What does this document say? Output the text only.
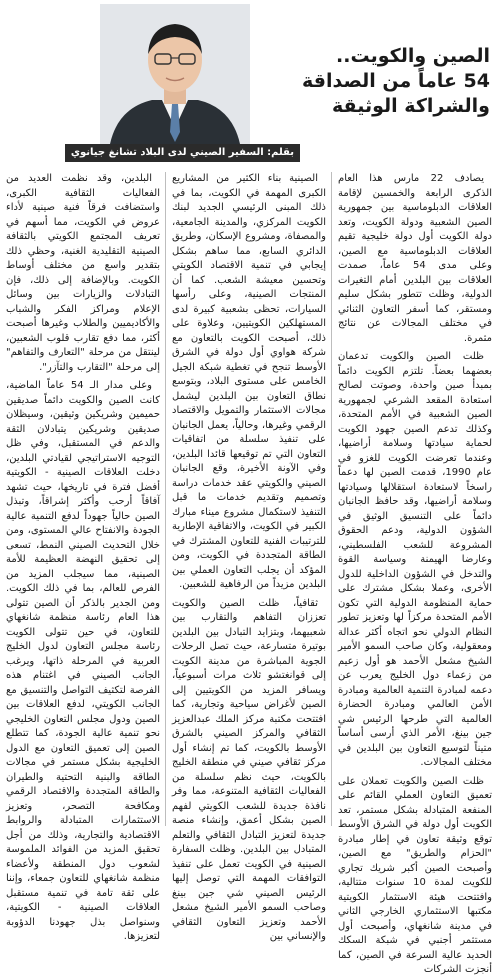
الصين والكويت..
54 عاماً من الصداقة
والشراكة الوثيقة
بقلم: السفير الصيني لدى البلاد تشانغ جيانوي

يصادف 22 مارس هذا العام الذكرى الرابعة والخمسين لإقامة العلاقات الدبلوماسية بين جمهورية الصين الشعبية ودولة الكويت، وتعد دولة الكويت أول دولة خليجية تقيم العلاقات الدبلوماسية مع الصين، وعلى مدى 54 عاماً، صمدت العلاقات بين البلدين أمام التغيرات الدولية، وظلت تتطور بشكل سليم ومستقر، كما أسفر التعاون الثنائي في مختلف المجالات عن نتائج مثمرة.

ظلت الصين والكويت تدعمان بعضهما بعضاً. تلتزم الكويت دائماً بمبدأ صين واحدة، وصوتت لصالح استعادة المقعد الشرعي لجمهورية الصين الشعبية في الأمم المتحدة، وكذلك تدعم الصين جهود الكويت لحماية سيادتها وسلامة أراضيها، وعندما تعرضت الكويت للغزو في عام 1990، قدمت الصين لها دعماً راسخاً لاستعادة استقلالها وسيادتها وسلامة أراضيها، وقد حافظ الجانبان دائماً على التنسيق الوثيق في الشؤون الدولية، ودعم الحقوق المشروعة للشعب الفلسطيني، وعارضا الهيمنة وسياسة القوة والتدخل في الشؤون الداخلية للدول الأخرى، وعملا بشكل مشترك على حماية المنظومة الدولية التي تكون الأمم المتحدة مركزاً لها وتعزيز تطور النظام الدولي نحو اتجاه أكثر عدالة ومعقولية، وكان صاحب السمو الأمير الشيخ مشعل الأحمد هو أول زعيم من زعماء دول الخليج يعرب عن دعمه لمبادرة التنمية العالمية ومبادرة الأمن العالمي ومبادرة الحضارة العالمية التي طرحها الرئيس شي جين بينغ، الأمر الذي أرسى أساساً متيناً لتوسيع التعاون بين البلدين في مختلف المجالات.

ظلت الصين والكويت تعملان على تعميق التعاون العملي القائم على المنفعة المتبادلة بشكل مستمر، تعد الكويت أول دولة في الشرق الأوسط توقع وثيقة تعاون في إطار مبادرة "الحزام والطريق" مع الصين، وأصبحت الصين أكبر شريك تجاري للكويت لمدة 10 سنوات متتالية، وافتتحت هيئة الاستثمار الكويتية مكتبها الاستثماري الخارجي الثاني في مدينة شانغهاي، وأصبحت أول مستثمر أجنبي في شبكة السكك الحديد عالية السرعة في الصين، كما أنجزت الشركات

الصينية بناء الكثير من المشاريع الكبرى المهمة في الكويت، بما في ذلك المبنى الرئيسي الجديد لبنك الكويت المركزي، والمدينة الجامعية، والمصفاة، ومشروع الإسكان، وطريق الدائري السابع، مما ساهم بشكل إيجابي في تنمية الاقتصاد الكويتي وتحسين معيشة الشعب. كما أن المنتجات الصينية، وعلى رأسها السيارات، تحظى بشعبية كبيرة لدى المستهلكين الكويتيين، وعلاوة على ذلك، أصبحت الكويت بالتعاون مع شركة هواوي أول دولة في الشرق الأوسط تنجح في تغطية شبكة الجيل الخامس على مستوى البلاد، وبتوسع نطاق التعاون بين البلدين ليشمل مجالات الاستثمار والتمويل والاقتصاد الرقمي وغيرها، وحالياً، يعمل الجانبان على تنفيذ سلسلة من اتفاقيات التعاون التي تم توقيعها قائدا البلدين، وفي الآونة الأخيرة، وقع الجانبان الصيني والكويتي عقد خدمات دراسة وتصميم وتقديم خدمات ما قبل التنفيذ لاستكمال مشروع ميناء مبارك الكبير في الكويت، والاتفاقية الإطارية للترتيبات الفنية للتعاون المشترك في الطاقة المتجددة في الكويت، ومن المؤكد أن يجلب التعاون العملي بين البلدين مزيداً من الرفاهية للشعبين.

ثقافياً، ظلت الصين والكويت تعززان التفاهم والتقارب بين شعبيهما، وبتزايد التبادل بين البلدين بوتيرة متسارعة، حيث تصل الرحلات الجوية المباشرة من مدينة الكويت إلى قوانغتشو ثلاث مرات أسبوعياً، ويسافر المزيد من الكويتيين إلى الصين لأغراض سياحية وتجارية، كما افتتحت مكتبة مركز الملك عبدالعزيز الثقافي والمركز الصيني بالشرق الأوسط بالكويت، كما تم إنشاء أول مركز ثقافي صيني في منطقة الخليج بالكويت، حيث نظم سلسلة من الفعاليات الثقافية المتنوعة، مما وفر نافذة جديدة للشعب الكويتي لفهم الصين بشكل أعمق، وإنشاء منصة جديدة لتعزيز التبادل الثقافي والتعلم المتبادل بين البلدين. وظلت السفارة الصينية في الكويت تعمل على تنفيذ التوافقات المهمة التي توصل إليها الرئيس الصيني شي جين بينغ وصاحب السمو الأمير الشيخ مشعل الأحمد وتعزيز التعاون الثقافي والإنساني بين

البلدين، وقد نظمت العديد من الفعاليات الثقافية الكبرى، واستضافت فرقاً فنية صينية لأداء عروض في الكويت، مما أسهم في تعريف المجتمع الكويتي بالثقافة الصينية التقليدية الغنية، وحظي ذلك بتقدير واسع من مختلف أوساط الكويت. وبالإضافة إلى ذلك، فإن التبادلات والزيارات بين وسائل الإعلام ومراكز الفكر والشباب والأكاديميين والطلاب وغيرها أصبحت أكثر، مما دفع تقارب قلوب الشعبين، لينتقل من مرحلة "التعارف والتفاهم" إلى مرحلة "التقارب والتآزر".

وعلى مدار الـ 54 عاماً الماضية، كانت الصين والكويت دائماً صديقين حميمين وشريكين وثيقين، وسيظلان صديقين وشريكين يتبادلان الثقة والدعم في المستقبل، وفي ظل التوجيه الاستراتيجي لقيادتي البلدين، دخلت العلاقات الصينية - الكويتية أفضل فترة في تاريخها، حيث تشهد آفاقاً أرحب وأكثر إشراقاً، وتبذل الصين حالياً جهوداً لدفع التنمية عالية الجودة والانفتاح عالي المستوى، ومن خلال التحديث الصيني النمط، تسعى إلى تحقيق النهضة العظيمة للأمة الصينية، مما سيجلب المزيد من الفرص للعالم، بما في ذلك الكويت. ومن الجدير بالذكر أن الصين تتولى هذا العام رئاسة منظمة شانغهاي للتعاون، في حين تتولى الكويت رئاسة مجلس التعاون لدول الخليج العربية في المرحلة ذاتها، ويرغب الجانب الصيني في اغتنام هذه الفرصة لتكثيف التواصل والتنسيق مع الجانب الكويتي، لدفع العلاقات بين الصين ودول مجلس التعاون الخليجي نحو تنمية عالية الجودة، كما تتطلع الصين إلى تعميق التعاون مع الدول الخليجية بشكل مستمر في مجالات الطاقة والبنية التحتية والطيران والطاقة المتجددة والاقتصاد الرقمي ومكافحة التصحر، وتعزيز الاستثمارات المتبادلة والروابط الاقتصادية والتجارية، وذلك من أجل تحقيق المزيد من الفوائد الملموسة لشعوب دول المنطقة ولأعضاء منظمة شانغهاي للتعاون جمعاء، وإننا على ثقة تامة في تنمية مستقبل العلاقات الصينية - الكويتية، وسنواصل بذل جهودنا الدؤوبة لتعزيزها.
